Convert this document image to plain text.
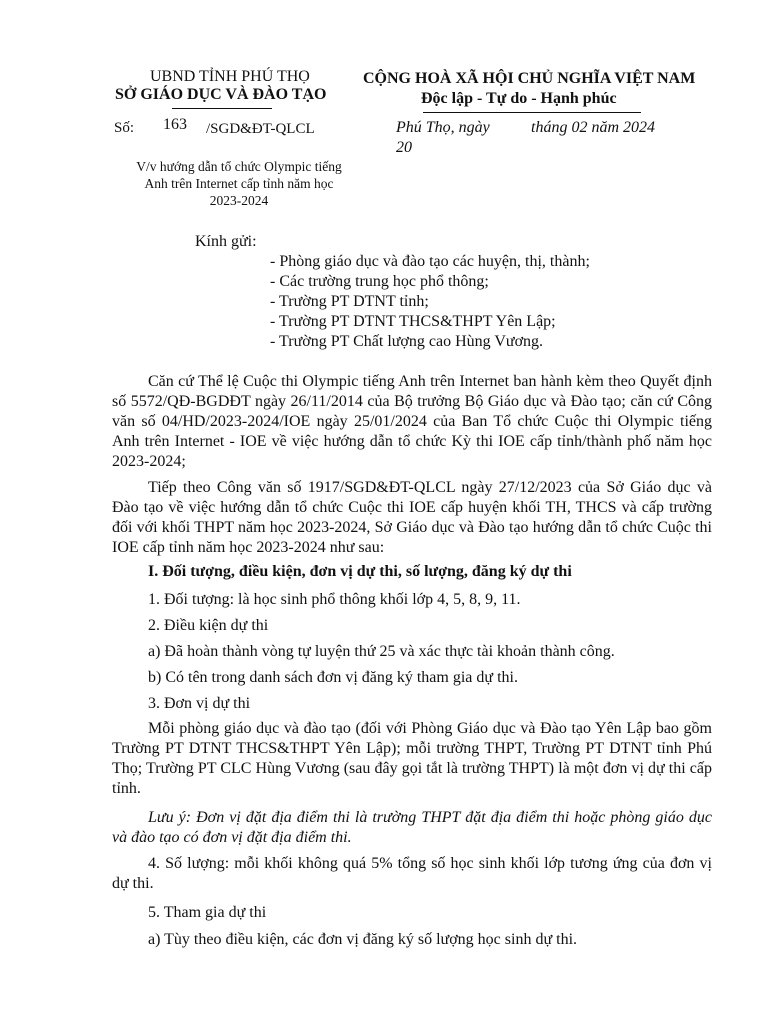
UBND TỈNH PHÚ THỌ
SỞ GIÁO DỤC VÀ ĐÀO TẠO
Số: 163 /SGD&ĐT-QLCL
V/v hướng dẫn tổ chức Olympic tiếng Anh trên Internet cấp tỉnh năm học 2023-2024
CỘNG HOÀ XÃ HỘI CHỦ NGHĨA VIỆT NAM
Độc lập - Tự do - Hạnh phúc
Phú Thọ, ngày
20
tháng 02 năm 2024
Kính gửi:
- Phòng giáo dục và đào tạo các huyện, thị, thành;
- Các trường trung học phổ thông;
- Trường PT DTNT tỉnh;
- Trường PT DTNT THCS&THPT Yên Lập;
- Trường PT Chất lượng cao Hùng Vương.
Căn cứ Thể lệ Cuộc thi Olympic tiếng Anh trên Internet ban hành kèm theo Quyết định số 5572/QĐ-BGDĐT ngày 26/11/2014 của Bộ trưởng Bộ Giáo dục và Đào tạo; căn cứ Công văn số 04/HD/2023-2024/IOE ngày 25/01/2024 của Ban Tổ chức Cuộc thi Olympic tiếng Anh trên Internet - IOE về việc hướng dẫn tổ chức Kỳ thi IOE cấp tỉnh/thành phố năm học 2023-2024;
Tiếp theo Công văn số 1917/SGD&ĐT-QLCL ngày 27/12/2023 của Sở Giáo dục và Đào tạo về việc hướng dẫn tổ chức Cuộc thi IOE cấp huyện khối TH, THCS và cấp trường đối với khối THPT năm học 2023-2024, Sở Giáo dục và Đào tạo hướng dẫn tổ chức Cuộc thi IOE cấp tỉnh năm học 2023-2024 như sau:
I. Đối tượng, điều kiện, đơn vị dự thi, số lượng, đăng ký dự thi
1. Đối tượng: là học sinh phổ thông khối lớp 4, 5, 8, 9, 11.
2. Điều kiện dự thi
a) Đã hoàn thành vòng tự luyện thứ 25 và xác thực tài khoản thành công.
b) Có tên trong danh sách đơn vị đăng ký tham gia dự thi.
3. Đơn vị dự thi
Mỗi phòng giáo dục và đào tạo (đối với Phòng Giáo dục và Đào tạo Yên Lập bao gồm Trường PT DTNT THCS&THPT Yên Lập); mỗi trường THPT, Trường PT DTNT tỉnh Phú Thọ; Trường PT CLC Hùng Vương (sau đây gọi tắt là trường THPT) là một đơn vị dự thi cấp tỉnh.
Lưu ý: Đơn vị đặt địa điểm thi là trường THPT đặt địa điểm thi hoặc phòng giáo dục và đào tạo có đơn vị đặt địa điểm thi.
4. Số lượng: mỗi khối không quá 5% tổng số học sinh khối lớp tương ứng của đơn vị dự thi.
5. Tham gia dự thi
a) Tùy theo điều kiện, các đơn vị đăng ký số lượng học sinh dự thi.
